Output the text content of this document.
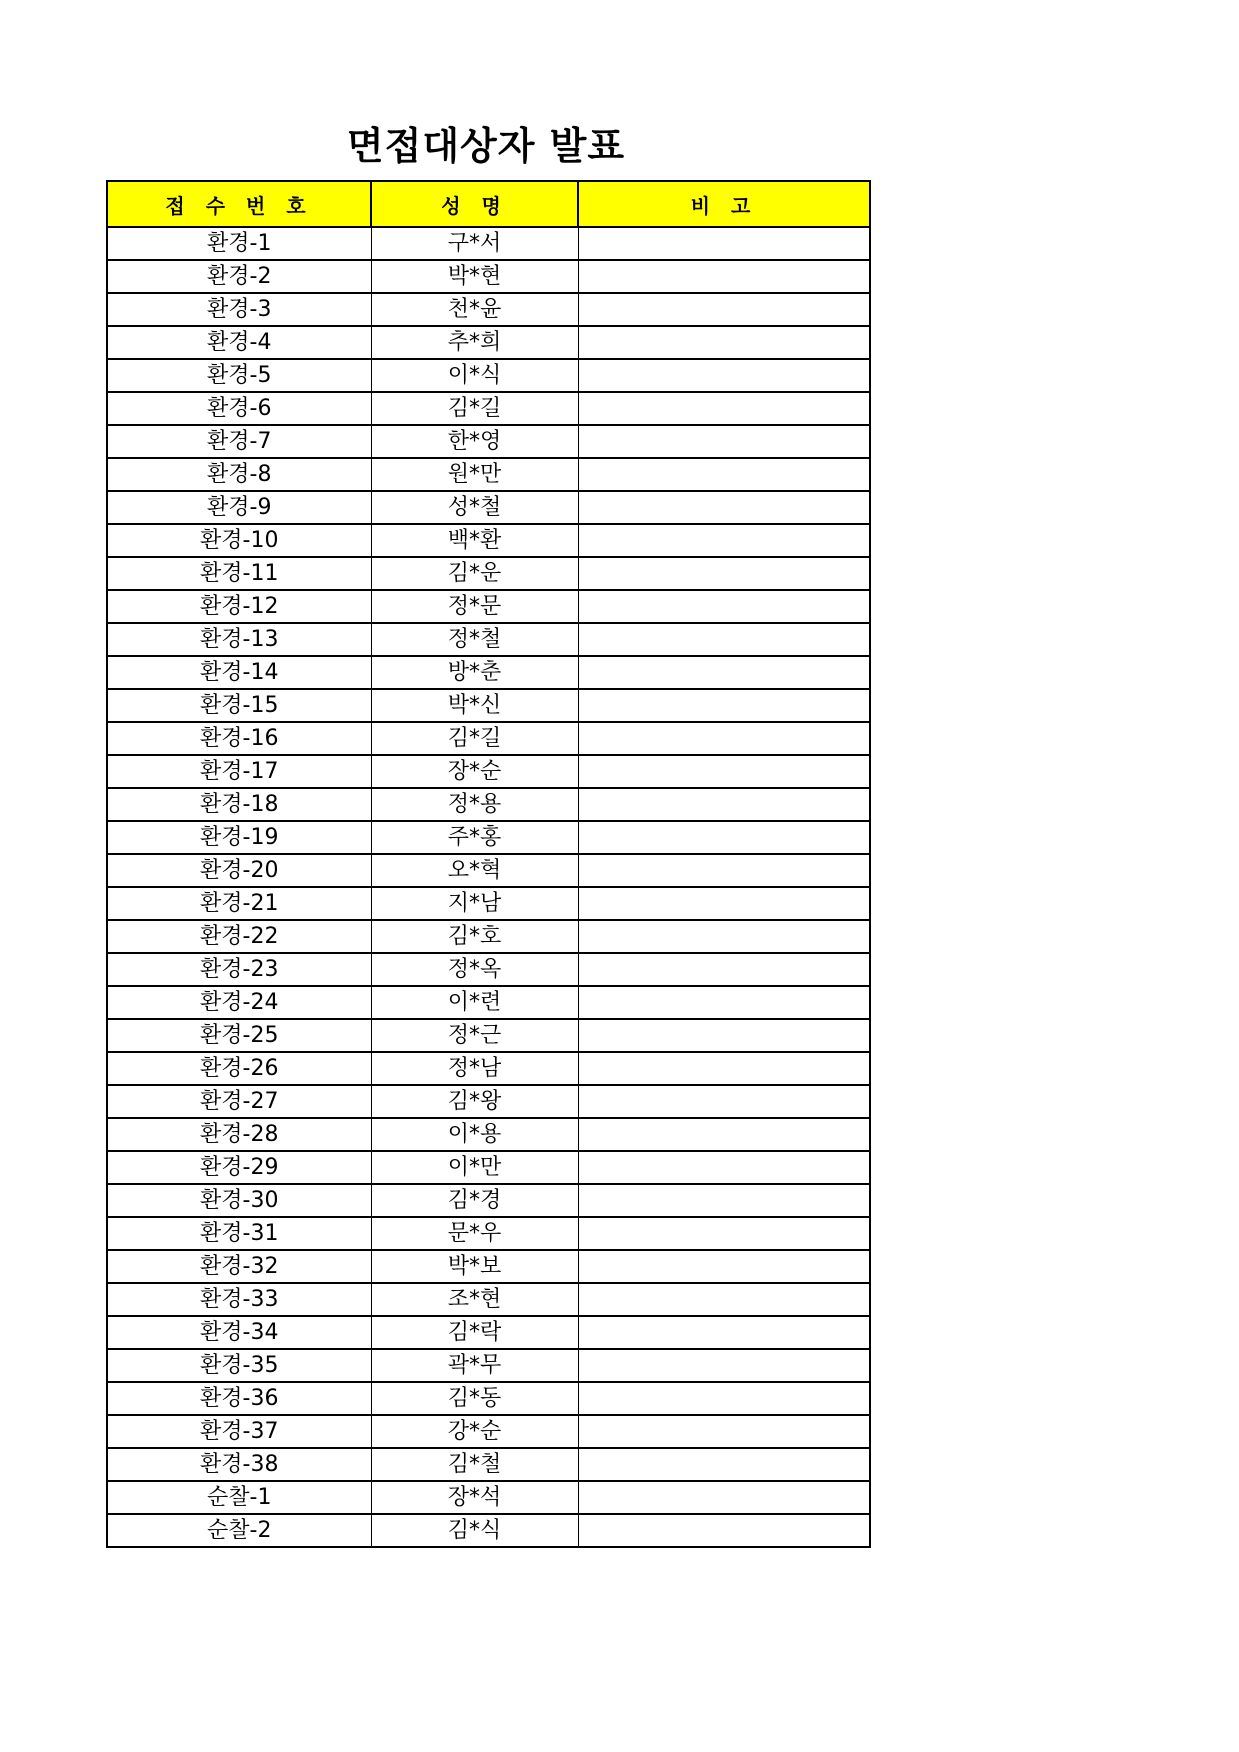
면접대상자 발표
접 수 번 호	성 명	비 고
환경-1	구*서	
환경-2	박*현	
환경-3	천*윤	
환경-4	추*희	
환경-5	이*식	
환경-6	김*길	
환경-7	한*영	
환경-8	원*만	
환경-9	성*철	
환경-10	백*환	
환경-11	김*운	
환경-12	정*문	
환경-13	정*철	
환경-14	방*춘	
환경-15	박*신	
환경-16	김*길	
환경-17	장*순	
환경-18	정*용	
환경-19	주*홍	
환경-20	오*혁	
환경-21	지*남	
환경-22	김*호	
환경-23	정*옥	
환경-24	이*련	
환경-25	정*근	
환경-26	정*남	
환경-27	김*왕	
환경-28	이*용	
환경-29	이*만	
환경-30	김*경	
환경-31	문*우	
환경-32	박*보	
환경-33	조*현	
환경-34	김*락	
환경-35	곽*무	
환경-36	김*동	
환경-37	강*순	
환경-38	김*철	
순찰-1	장*석	
순찰-2	김*식	
